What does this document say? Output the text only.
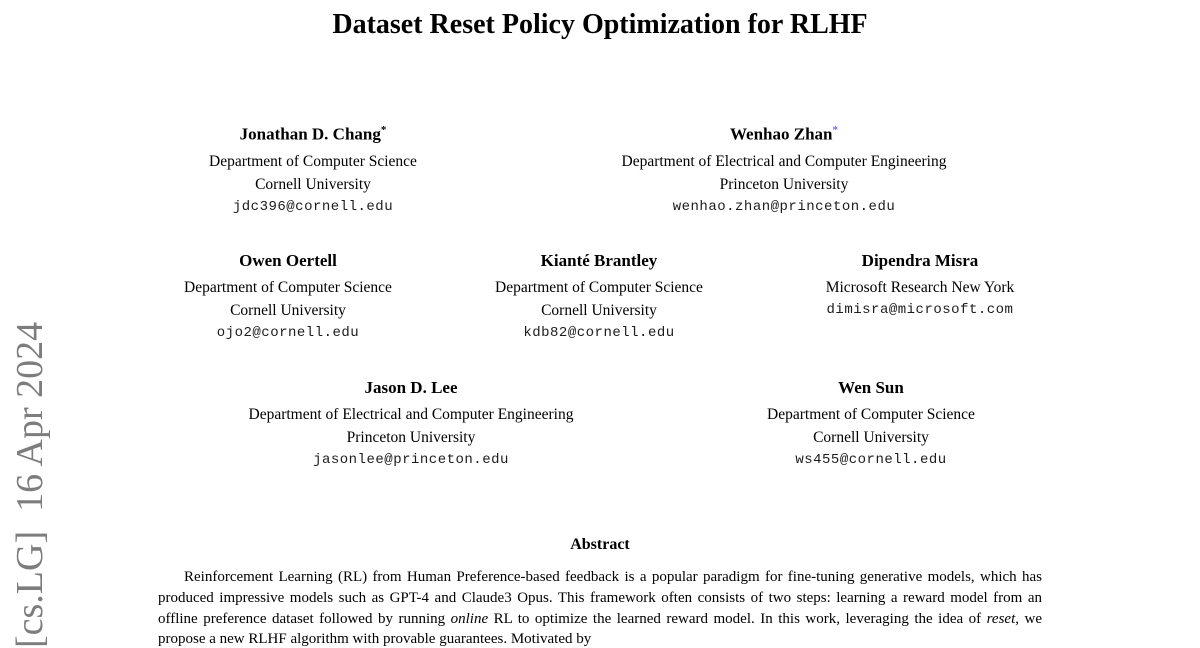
[cs.LG]  16 Apr 2024
Dataset Reset Policy Optimization for RLHF
Jonathan D. Chang*
Department of Computer Science
Cornell University
jdc396@cornell.edu
Wenhao Zhan*
Department of Electrical and Computer Engineering
Princeton University
wenhao.zhan@princeton.edu
Owen Oertell
Department of Computer Science
Cornell University
ojo2@cornell.edu
Kianté Brantley
Department of Computer Science
Cornell University
kdb82@cornell.edu
Dipendra Misra
Microsoft Research New York
dimisra@microsoft.com
Jason D. Lee
Department of Electrical and Computer Engineering
Princeton University
jasonlee@princeton.edu
Wen Sun
Department of Computer Science
Cornell University
ws455@cornell.edu
Abstract
Reinforcement Learning (RL) from Human Preference-based feedback is a popular paradigm for fine-tuning generative models, which has produced impressive models such as GPT-4 and Claude3 Opus. This framework often consists of two steps: learning a reward model from an offline preference dataset followed by running online RL to optimize the learned reward model. In this work, leveraging the idea of reset, we propose a new RLHF algorithm with provable guarantees. Motivated by
